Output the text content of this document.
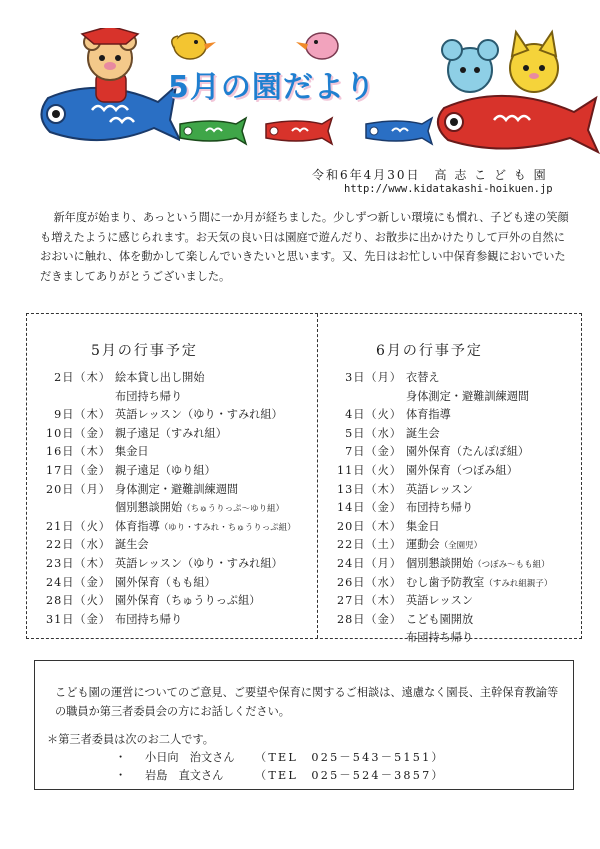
5月の園だより
令和6年4月30日　高 志 こ ど も 園
http://www.kidatakashi-hoikuen.jp

新年度が始まり、あっという間に一か月が経ちました。少しずつ新しい環境にも慣れ、子ども達の笑顔も増えたように感じられます。お天気の良い日は園庭で遊んだり、お散歩に出かけたりして戸外の自然におおいに触れ、体を動かして楽しんでいきたいと思います。又、先日はお忙しい中保育参観においでいただきましてありがとうございました。

5月の行事予定
2日（木） 絵本貸し出し開始
布団持ち帰り
9日（木） 英語レッスン（ゆり・すみれ組）
10日（金） 親子遠足（すみれ組）
16日（木） 集金日
17日（金） 親子遠足（ゆり組）
20日（月） 身体測定・避難訓練週間
個別懇談開始（ちゅうりっぷ～ゆり組）
21日（火） 体育指導（ゆり・すみれ・ちゅうりっぷ組）
22日（水） 誕生会
23日（木） 英語レッスン（ゆり・すみれ組）
24日（金） 園外保育（もも組）
28日（火） 園外保育（ちゅうりっぷ組）
31日（金） 布団持ち帰り
6月の行事予定
3日（月） 衣替え
身体測定・避難訓練週間
4日（火） 体育指導
5日（水） 誕生会
7日（金） 園外保育（たんぽぽ組）
11日（火） 園外保育（つぼみ組）
13日（木） 英語レッスン
14日（金） 布団持ち帰り
20日（木） 集金日
22日（土） 運動会（全園児）
24日（月） 個別懇談開始（つぼみ～もも組）
26日（水） むし歯予防教室（すみれ組親子）
27日（木） 英語レッスン
28日（金） こども園開放
布団持ち帰り
こども園の運営についてのご意見、ご要望や保育に関するご相談は、遠慮なく園長、主幹保育教諭等の職員か第三者委員会の方にお話しください。
＊第三者委員は次のお二人です。
・	小日向　治文さん	（TEL　025－543－5151）
・	岩島　直文さん	（TEL　025－524－3857）
